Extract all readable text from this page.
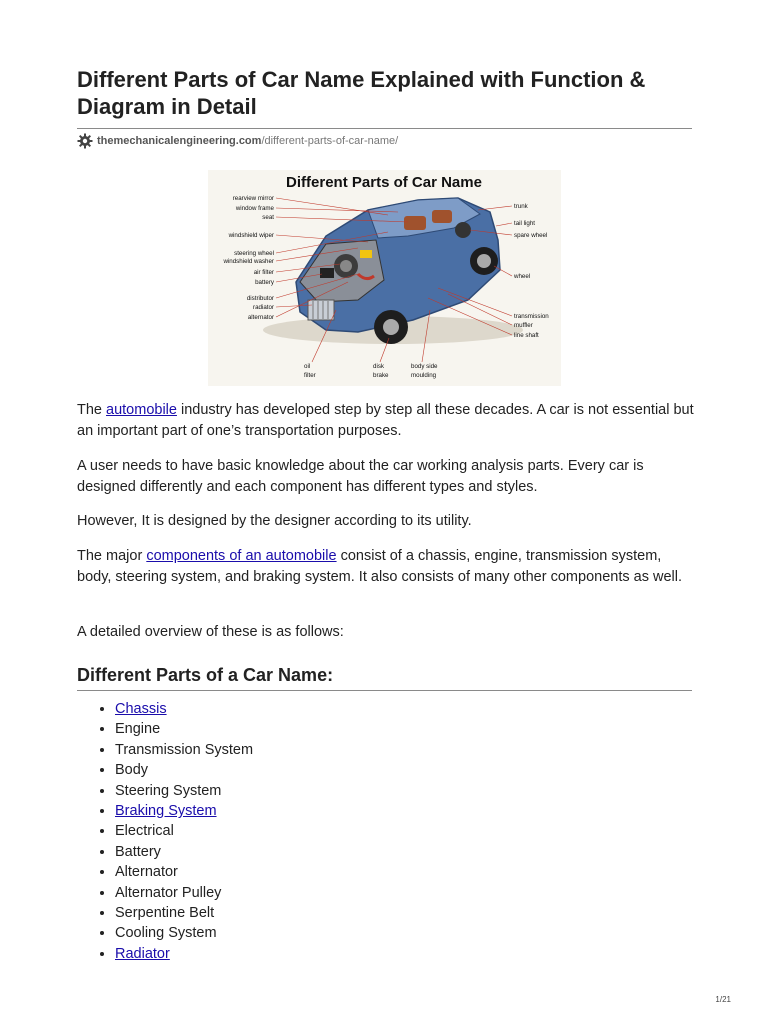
Different Parts of Car Name Explained with Function & Diagram in Detail
themechanicalengineering.com /different-parts-of-car-name/
Different Parts of Car Name
rearview mirror
window frame
seat
windshield wiper
steering wheel
windshield washer
air filter
battery
distributor
radiator
alternator
trunk
tail light
spare wheel
wheel
transmission
muffler
line shaft
oil
filter
disk
brake
body side
moulding

The automobile industry has developed step by step all these decades. A car is not essential but an important part of one’s transportation purposes.

A user needs to have basic knowledge about the car working analysis parts. Every car is designed differently and each component has different types and styles.

However, It is designed by the designer according to its utility.

The major components of an automobile consist of a chassis, engine, transmission system, body, steering system, and braking system. It also consists of many other components as well.

A detailed overview of these is as follows:

Different Parts of a Car Name:
• Chassis
• Engine
• Transmission System
• Body
• Steering System
• Braking System
• Electrical
• Battery
• Alternator
• Alternator Pulley
• Serpentine Belt
• Cooling System
• Radiator
1/21
